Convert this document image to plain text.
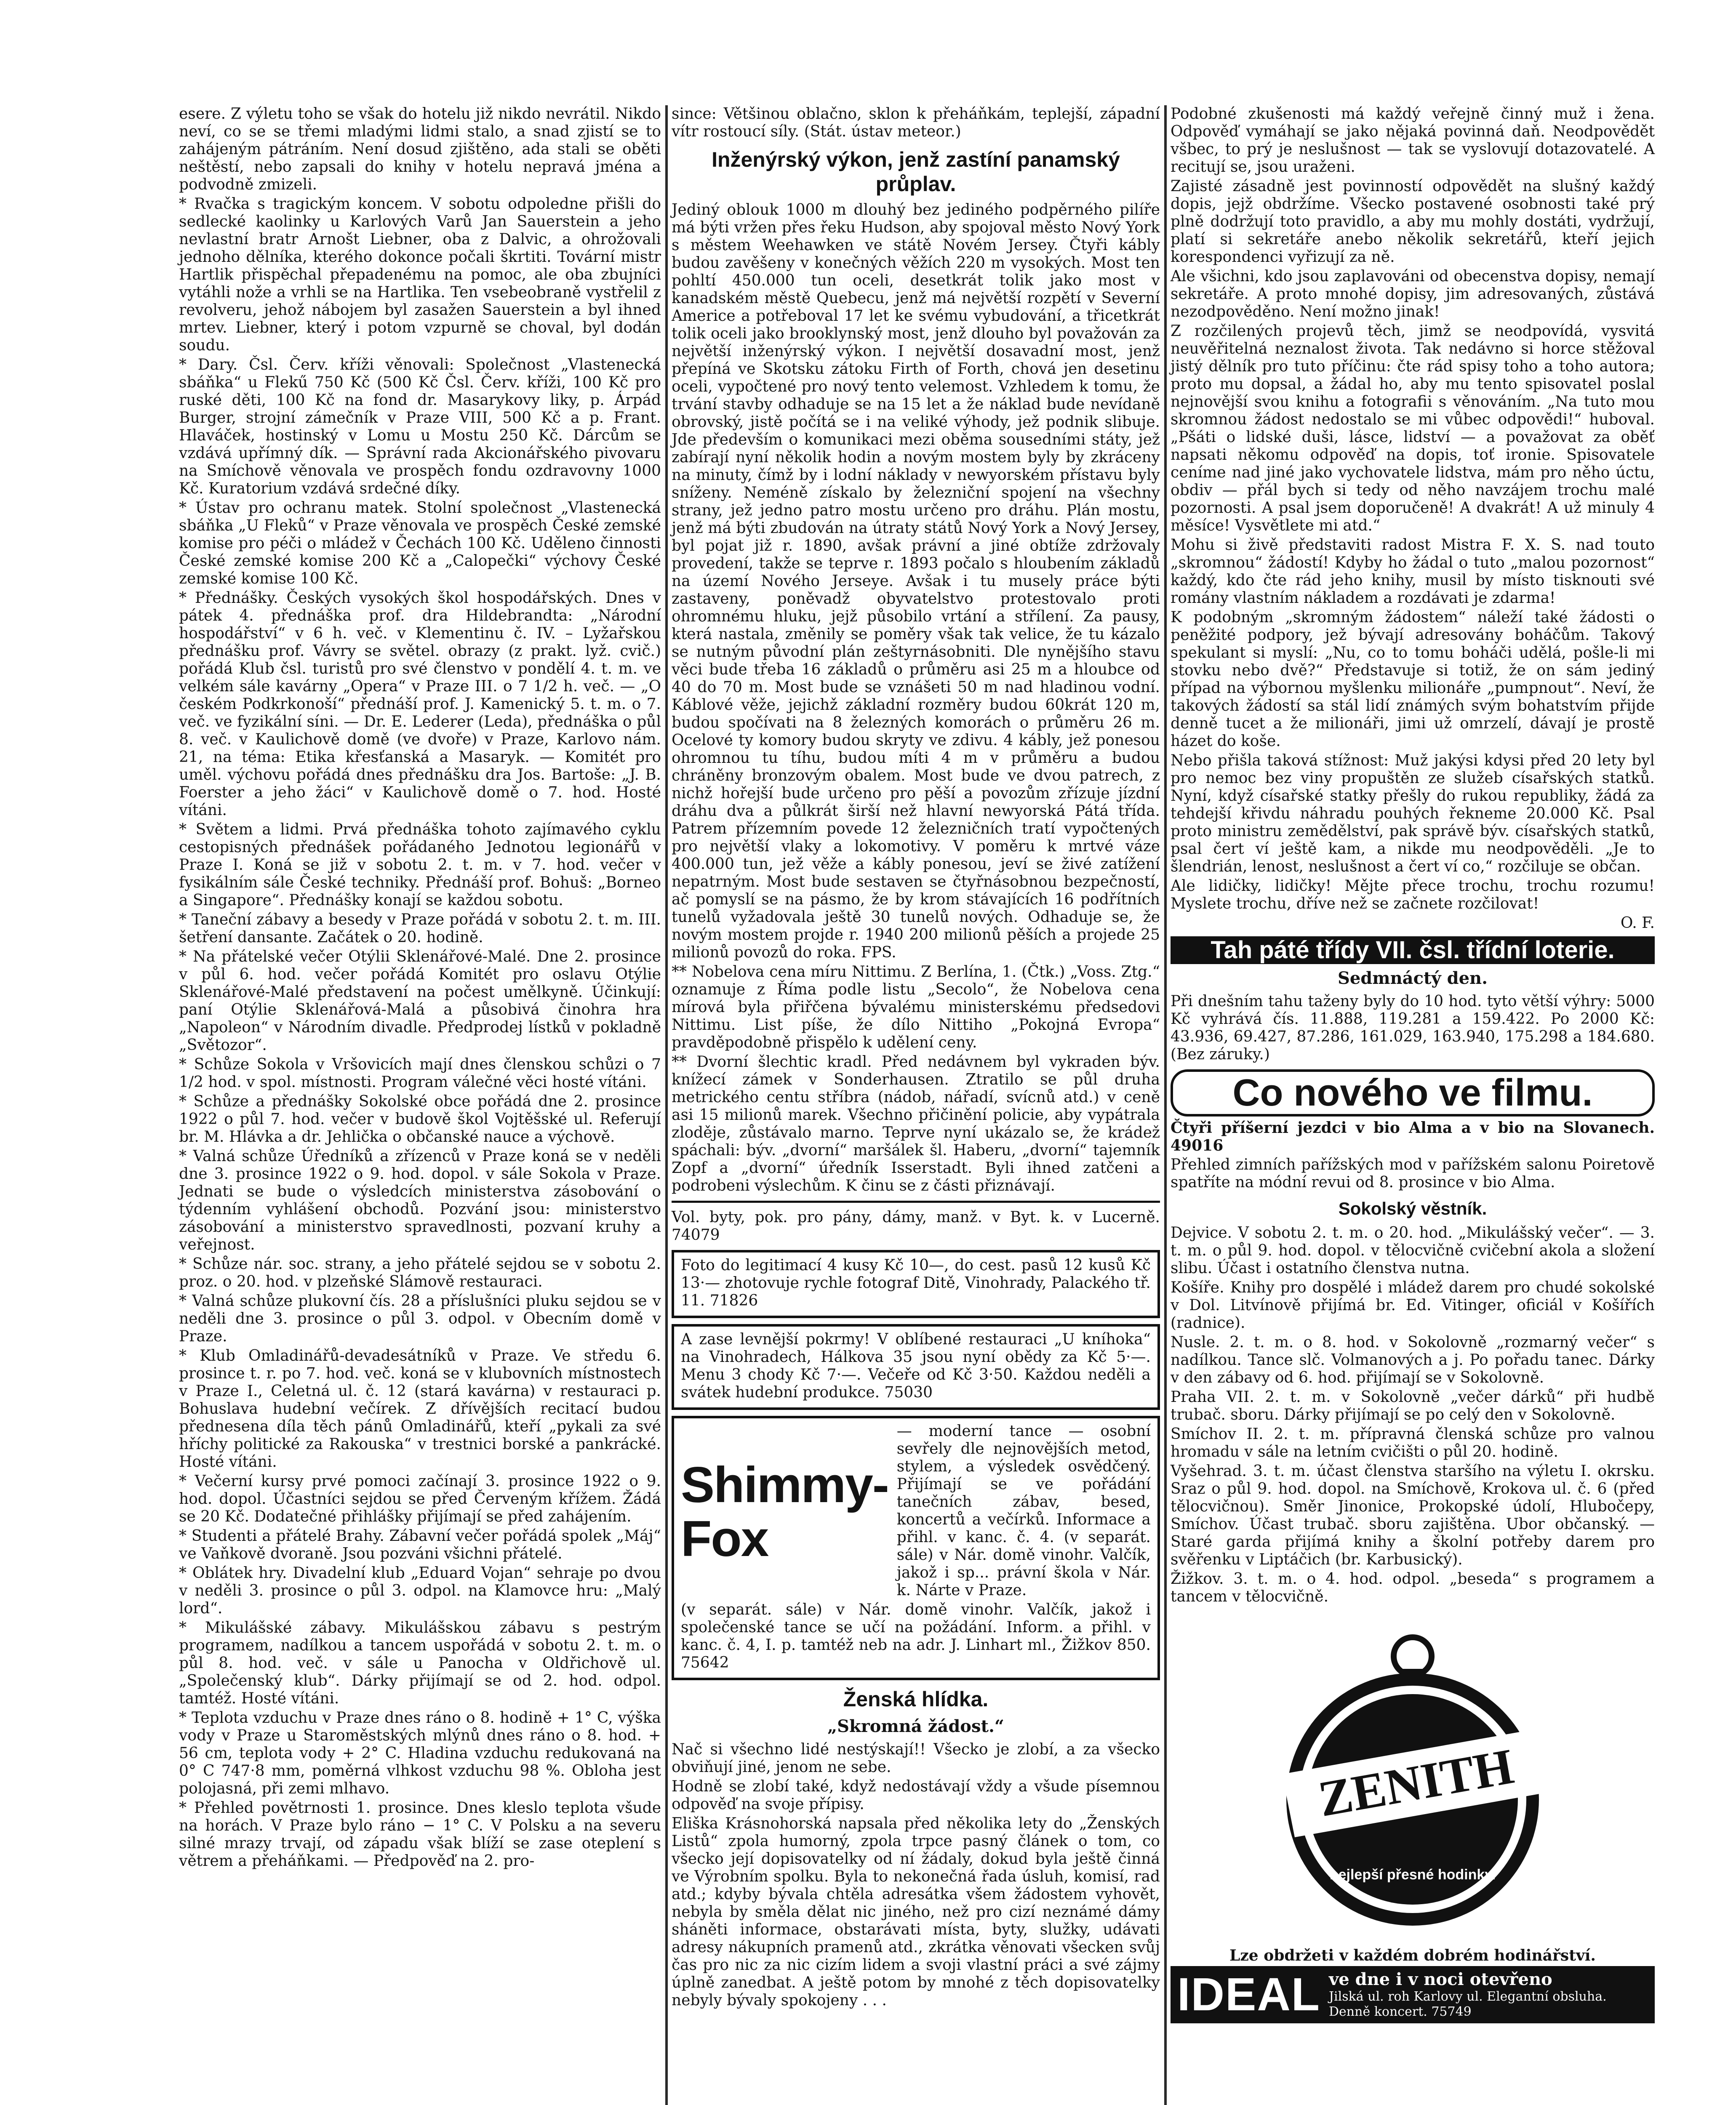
esere. Z výletu toho se však do hotelu již nikdo nevrátil. Nikdo neví, co se se třemi mladými lidmi stalo, a snad zjistí se to zahájeným pátráním. Není dosud zjištěno, ada stali se oběti neštěstí, nebo zapsali do knihy v hotelu nepravá jména a podvodně zmizeli.

* Rvačka s tragickým koncem. V sobotu odpoledne přišli do sedlecké kaolinky u Karlových Varů Jan Sauerstein a jeho nevlastní bratr Arnošt Liebner, oba z Dalvic, a ohrožovali jednoho dělníka, kterého dokonce počali škrtiti. Tovární mistr Hartlik přispěchal přepadenému na pomoc, ale oba zbujníci vytáhli nože a vrhli se na Hartlika. Ten vsebeobraně vystřelil z revolveru, jehož nábojem byl zasažen Sauerstein a byl ihned mrtev. Liebner, který i potom vzpurně se choval, byl dodán soudu.

* Dary. Čsl. Červ. kříži věnovali: Společnost „Vlastenecká sbáňka“ u Flekű 750 Kč (500 Kč Čsl. Červ. kříži, 100 Kč pro ruské děti, 100 Kč na fond dr. Masarykovy liky, p. Árpád Burger, strojní zámečník v Praze VIII, 500 Kč a p. Frant. Hlaváček, hostinský v Lomu u Mostu 250 Kč. Dárcům se vzdává upřímný dík. — Správní rada Akcionářského pivovaru na Smíchově věnovala ve prospěch fondu ozdravovny 1000 Kč. Kuratorium vzdává srdečné díky.

* Ústav pro ochranu matek. Stolní společnost „Vlastenecká sbáňka „U Fleků“ v Praze věnovala ve prospěch České zemské komise pro péči o mládež v Čechách 100 Kč. Uděleno činnosti České zemské komise 200 Kč a „Calopečki“ výchovy České zemské komise 100 Kč.

* Přednášky. Českých vysokých škol hospodářských. Dnes v pátek 4. přednáška prof. dra Hildebrandta: „Národní hospodářství“ v 6 h. več. v Klementinu č. IV. – Lyžařskou přednášku prof. Vávry se světel. obrazy (z prakt. lyž. cvič.) pořádá Klub čsl. turistů pro své členstvo v pondělí 4. t. m. ve velkém sále kavárny „Opera“ v Praze III. o 7 1/2 h. več. — „O českém Podkrkonoší“ přednáší prof. J. Kamenický 5. t. m. o 7. več. ve fyzikální síni. — Dr. E. Lederer (Leda), přednáška o půl 8. več. v Kaulichově domě (ve dvoře) v Praze, Karlovo nám. 21, na téma: Etika křesťanská a Masaryk. — Komitét pro uměl. výchovu pořádá dnes přednášku dra Jos. Bartoše: „J. B. Foerster a jeho žáci“ v Kaulichově domě o 7. hod. Hosté vítáni.

* Světem a lidmi. Prvá přednáška tohoto zajímavého cyklu cestopisných přednášek pořádaného Jednotou legionářů v Praze I. Koná se již v sobotu 2. t. m. v 7. hod. večer v fysikálním sále České techniky. Přednáší prof. Bohuš: „Borneo a Singapore“. Přednášky konají se každou sobotu.

* Taneční zábavy a besedy v Praze pořádá v sobotu 2. t. m. III. šetření dansante. Začátek o 20. hodině.

* Na přátelské večer Otýlii Sklenářové-Malé. Dne 2. prosince v půl 6. hod. večer pořádá Komitét pro oslavu Otýlie Sklenářové-Malé představení na počest umělkyně. Účinkují: paní Otýlie Sklenářová-Malá a působivá činohra hra „Napoleon“ v Národním divadle. Předprodej lístků v pokladně „Světozor“.

* Schůze Sokola v Vršovicích mají dnes členskou schůzi o 7 1/2 hod. v spol. místnosti. Program válečné věci hosté vítáni.

* Schůze a přednášky Sokolské obce pořádá dne 2. prosince 1922 o půl 7. hod. večer v budově škol Vojtěšské ul. Referují br. M. Hlávka a dr. Jehlička o občanské nauce a výchově.

* Valná schůze Úředníků a zřízenců v Praze koná se v neděli dne 3. prosince 1922 o 9. hod. dopol. v sále Sokola v Praze. Jednati se bude o výsledcích ministerstva zásobování o týdenním vyhlášení obchodů. Pozvání jsou: ministerstvo zásobování a ministerstvo spravedlnosti, pozvaní kruhy a veřejnost.

* Schůze nár. soc. strany, a jeho přátelé sejdou se v sobotu 2. proz. o 20. hod. v plzeňské Slámově restauraci.

* Valná schůze plukovní čís. 28 a příslušníci pluku sejdou se v neděli dne 3. prosince o půl 3. odpol. v Obecním domě v Praze.

* Klub Omladinářů-devadesátníků v Praze. Ve středu 6. prosince t. r. po 7. hod. več. koná se v klubovních místnostech v Praze I., Celetná ul. č. 12 (stará kavárna) v restauraci p. Bohuslava hudební večírek. Z dřívějších recitací budou přednesena díla těch pánů Omladinářů, kteří „pykali za své hříchy politické za Rakouska“ v trestnici borské a pankrácké. Hosté vítáni.

* Večerní kursy prvé pomoci začínají 3. prosince 1922 o 9. hod. dopol. Účastníci sejdou se před Červeným křížem. Žádá se 20 Kč. Dodatečné přihlášky přijímají se před zahájením.

* Studenti a přátelé Brahy. Zábavní večer pořádá spolek „Máj“ ve Vaňkově dvoraně. Jsou pozváni všichni přátelé.

* Oblátek hry. Divadelní klub „Eduard Vojan“ sehraje po dvou v neděli 3. prosince o půl 3. odpol. na Klamovce hru: „Malý lord“.

* Mikulášské zábavy. Mikulášskou zábavu s pestrým programem, nadílkou a tancem uspořádá v sobotu 2. t. m. o půl 8. hod. več. v sále u Panocha v Oldřichově ul. „Společenský klub“. Dárky přijímají se od 2. hod. odpol. tamtéž. Hosté vítáni.

* Teplota vzduchu v Praze dnes ráno o 8. hodině + 1° C, výška vody v Praze u Staroměstských mlýnů dnes ráno o 8. hod. + 56 cm, teplota vody + 2° C. Hladina vzduchu redukovaná na 0° C 747·8 mm, poměrná vlhkost vzduchu 98 %. Obloha jest polojasná, při zemi mlhavo.

* Přehled povětrnosti 1. prosince. Dnes kleslo teplota všude na horách. V Praze bylo ráno − 1° C. V Polsku a na severu silné mrazy trvají, od západu však blíží se zase oteplení s větrem a přeháňkami. — Předpověď na 2. pro-

since: Většinou oblačno, sklon k přeháňkám, teplejší, západní vítr rostoucí síly. (Stát. ústav meteor.)

Inženýrský výkon, jenž zastíní panamský průplav.

Jediný oblouk 1000 m dlouhý bez jediného podpěrného pilíře má býti vržen přes řeku Hudson, aby spojoval město Nový York s městem Weehawken ve státě Novém Jersey. Čtyři kábly budou zavěšeny v konečných věžích 220 m vysokých. Most ten pohltí 450.000 tun oceli, desetkrát tolik jako most v kanadském městě Quebecu, jenž má největší rozpětí v Severní Americe a potřeboval 17 let ke svému vybudování, a třicetkrát tolik oceli jako brooklynský most, jenž dlouho byl považován za největší inženýrský výkon. I největší dosavadní most, jenž přepíná ve Skotsku zátoku Firth of Forth, chová jen desetinu oceli, vypočtené pro nový tento velemost. Vzhledem k tomu, že trvání stavby odhaduje se na 15 let a že náklad bude nevídaně obrovský, jistě počítá se i na veliké výhody, jež podnik slibuje. Jde především o komunikaci mezi oběma sousedními státy, jež zabírají nyní několik hodin a novým mostem byly by zkráceny na minuty, čímž by i lodní náklady v newyorském přístavu byly sníženy. Neméně získalo by železniční spojení na všechny strany, jež jedno patro mostu určeno pro dráhu. Plán mostu, jenž má býti zbudován na útraty států Nový York a Nový Jersey, byl pojat již r. 1890, avšak právní a jiné obtíže zdržovaly provedení, takže se teprve r. 1893 počalo s hloubením základů na území Nového Jerseye. Avšak i tu musely práce býti zastaveny, poněvadž obyvatelstvo protestovalo proti ohromnému hluku, jejž působilo vrtání a střílení. Za pausy, která nastala, změnily se poměry však tak velice, že tu kázalo se nutným původní plán zeštyrnásobniti. Dle nynějšího stavu věci bude třeba 16 základů o průměru asi 25 m a hloubce od 40 do 70 m. Most bude se vznášeti 50 m nad hladinou vodní. Káblové věže, jejichž základní rozměry budou 60krát 120 m, budou spočívati na 8 železných komorách o průměru 26 m. Ocelové ty komory budou skryty ve zdivu. 4 kábly, jež ponesou ohromnou tu tíhu, budou míti 4 m v průměru a budou chráněny bronzovým obalem. Most bude ve dvou patrech, z nichž hořejší bude určeno pro pěší a povozům zřízuje jízdní dráhu dva a půlkrát širší než hlavní newyorská Pátá třída. Patrem přízemním povede 12 železničních tratí vypočtených pro největší vlaky a lokomotivy. V poměru k mrtvé váze 400.000 tun, jež věže a kábly ponesou, jeví se živé zatížení nepatrným. Most bude sestaven se čtyřnásobnou bezpečností, ač pomyslí se na pásmo, že by krom stávajících 16 podřítních tunelů vyžadovala ještě 30 tunelů nových. Odhaduje se, že novým mostem projde r. 1940 200 milionů pěších a projede 25 milionů povozů do roka. FPS.

** Nobelova cena míru Nittimu. Z Berlína, 1. (Čtk.) „Voss. Ztg.“ oznamuje z Říma podle listu „Secolo“, že Nobelova cena mírová byla přiřčena bývalému ministerskému předsedovi Nittimu. List píše, že dílo Nittiho „Pokojná Evropa“ pravděpodobně přispělo k udělení ceny.

** Dvorní šlechtic kradl. Před nedávnem byl vykraden býv. knížecí zámek v Sonderhausen. Ztratilo se půl druha metrického centu stříbra (nádob, nářadí, svícnů atd.) v ceně asi 15 milionů marek. Všechno přičinění policie, aby vypátrala zloděje, zůstávalo marno. Teprve nyní ukázalo se, že krádež spáchali: býv. „dvorní“ maršálek šl. Haberu, „dvorní“ tajemník Zopf a „dvorní“ úředník Isserstadt. Byli ihned zatčeni a podrobeni výslechům. K činu se z části přiznávají.

Vol. byty, pok. pro pány, dámy, manž. v Byt. k. v Lucerně. 74079

Foto do legitimací 4 kusy Kč 10—, do cest. pasů 12 kusů Kč 13·— zhotovuje rychle fotograf Ditě, Vinohrady, Palackého tř. 11. 71826

A zase levnější pokrmy! V oblíbené restauraci „U kníhoka“ na Vinohradech, Hálkova 35 jsou nyní obědy za Kč 5·—. Menu 3 chody Kč 7·—. Večeře od Kč 3·50. Každou neděli a svátek hudební produkce. 75030

Shimmy-Fox

— moderní tance — osobní sevřely dle nejnovějších metod, stylem, a výsledek osvědčený. Přijímají se ve pořádání tanečních zábav, besed, koncertů a večírků. Informace a přihl. v kanc. č. 4. (v separát. sále) v Nár. domě vinohr. Valčík, jakož i sp... právní škola v Nár. k. Nárte v Praze.

(v separát. sále) v Nár. domě vinohr. Valčík, jakož i společenské tance se učí na požádání. Inform. a přihl. v kanc. č. 4, I. p. tamtéž neb na adr. J. Linhart ml., Žižkov 850. 75642

Ženská hlídka.
„Skromná žádost.“

Nač si všechno lidé nestýskají!! Všecko je zlobí, a za všecko obviňují jiné, jenom ne sebe.

Hodně se zlobí také, když nedostávají vždy a všude písemnou odpověď na svoje přípisy.

Eliška Krásnohorská napsala před několika lety do „Ženských Listů“ zpola humorný, zpola trpce pasný článek o tom, co všecko její dopisovatelky od ní žádaly, dokud byla ještě činná ve Výrobním spolku. Byla to nekonečná řada úsluh, komisí, rad atd.; kdyby bývala chtěla adresátka všem žádostem vyhovět, nebyla by směla dělat nic jiného, než pro cizí neznámé dámy sháněti informace, obstarávati místa, byty, služky, udávati adresy nákupních pramenů atd., zkrátka věnovati všecken svůj čas pro nic za nic cizím lidem a svoji vlastní práci a své zájmy úplně zanedbat. A ještě potom by mnohé z těch dopisovatelky nebyly bývaly spokojeny . . .

Podobné zkušenosti má každý veřejně činný muž i žena. Odpověď vymáhají se jako nějaká povinná daň. Neodpovědět všbec, to prý je neslušnost — tak se vyslovují dotazovatelé. A recitují se, jsou uraženi.

Zajisté zásadně jest povinností odpovědět na slušný každý dopis, jejž obdržíme. Všecko postavené osobnosti také prý plně dodržují toto pravidlo, a aby mu mohly dostáti, vydržují, platí si sekretáře anebo několik sekretářů, kteří jejich korespondenci vyřizují za ně.

Ale všichni, kdo jsou zaplavováni od obecenstva dopisy, nemají sekretáře. A proto mnohé dopisy, jim adresovaných, zůstává nezodpověděno. Není možno jinak!

Z rozčilených projevů těch, jimž se neodpovídá, vysvitá neuvěřitelná neznalost života. Tak nedávno si horce stěžoval jistý dělník pro tuto příčinu: čte rád spisy toho a toho autora; proto mu dopsal, a žádal ho, aby mu tento spisovatel poslal nejnovější svou knihu a fotografii s věnováním. „Na tuto mou skromnou žádost nedostalo se mi vůbec odpovědi!“ huboval. „Pšáti o lidské duši, lásce, lidství — a považovat za oběť napsati někomu odpověď na dopis, toť ironie. Spisovatele ceníme nad jiné jako vychovatele lidstva, mám pro něho úctu, obdiv — přál bych si tedy od něho navzájem trochu malé pozornosti. A psal jsem doporučeně! A dvakrát! A už minuly 4 měsíce! Vysvětlete mi atd.“

Mohu si živě představiti radost Mistra F. X. S. nad touto „skromnou“ žádostí! Kdyby ho žádal o tuto „malou pozornost“ každý, kdo čte rád jeho knihy, musil by místo tisknouti své romány vlastním nákladem a rozdávati je zdarma!

K podobným „skromným žádostem“ náleží také žádosti o peněžité podpory, jež bývají adresovány boháčům. Takový spekulant si myslí: „Nu, co to tomu boháči udělá, pošle-li mi stovku nebo dvě?“ Představuje si totiž, že on sám jediný případ na výbornou myšlenku milionáře „pumpnout“. Neví, že takových žádostí sa stál lidí známých svým bohatstvím přijde denně tucet a že milionáři, jimi už omrzelí, dávají je prostě házet do koše.

Nebo přišla taková stížnost: Muž jakýsi kdysi před 20 lety byl pro nemoc bez viny propuštěn ze služeb císařských statků. Nyní, když císařské statky přešly do rukou republiky, žádá za tehdejší křivdu náhradu pouhých řekneme 20.000 Kč. Psal proto ministru zemědělství, pak správě býv. císařských statků, psal čert ví ještě kam, a nikde mu neodpověděli. „Je to šlendrián, lenost, neslušnost a čert ví co,“ rozčiluje se občan.

Ale lidičky, lidičky! Mějte přece trochu, trochu rozumu! Myslete trochu, dříve než se začnete rozčilovat!

O. F.

Tah páté třídy VII. čsl. třídní loterie.
Sedmnáctý den.

Při dnešním tahu taženy byly do 10 hod. tyto větší výhry: 5000 Kč vyhrává čís. 11.888, 119.281 a 159.422. Po 2000 Kč: 43.936, 69.427, 87.286, 161.029, 163.940, 175.298 a 184.680. (Bez záruky.)

Co nového ve filmu.

Čtyři příšerní jezdci v bio Alma a v bio na Slovanech. 49016

Přehled zimních pařížských mod v pařížském salonu Poiretově spatříte na módní revui od 8. prosince v bio Alma.

Sokolský věstník.

Dejvice. V sobotu 2. t. m. o 20. hod. „Mikulášský večer“. — 3. t. m. o půl 9. hod. dopol. v tělocvičně cvičební akola a složení slibu. Účast i ostatního členstva nutna.

Košíře. Knihy pro dospělé i mládež darem pro chudé sokolské v Dol. Litvínově přijímá br. Ed. Vitinger, oficiál v Košířích (radnice).

Nusle. 2. t. m. o 8. hod. v Sokolovně „rozmarný večer“ s nadílkou. Tance slč. Volmanových a j. Po pořadu tanec. Dárky v den zábavy od 6. hod. přijímají se v Sokolovně.

Praha VII. 2. t. m. v Sokolovně „večer dárků“ při hudbě trubač. sboru. Dárky přijímají se po celý den v Sokolovně.

Smíchov II. 2. t. m. přípravná členská schůze pro valnou hromadu v sále na letním cvičišti o půl 20. hodině.

Vyšehrad. 3. t. m. účast členstva staršího na výletu I. okrsku. Sraz o půl 9. hod. dopol. na Smíchově, Krokova ul. č. 6 (před tělocvičnou). Směr Jinonice, Prokopské údolí, Hlubočepy, Smíchov. Účast trubač. sboru zajištěna. Ubor občanský. — Staré garda přijímá knihy a školní potřeby darem pro svěřenku v Liptáčich (br. Karbusický).

Žižkov. 3. t. m. o 4. hod. odpol. „beseda“ s programem a tancem v tělocvičně.

ZENITH
nejlepší přesné hodinky.

Lze obdržeti v každém dobrém hodinářství.

IDEAL ve dne i v noci otevřeno
Jilská ul. roh Karlovy ul. Elegantní obsluha. Denně koncert. 75749
